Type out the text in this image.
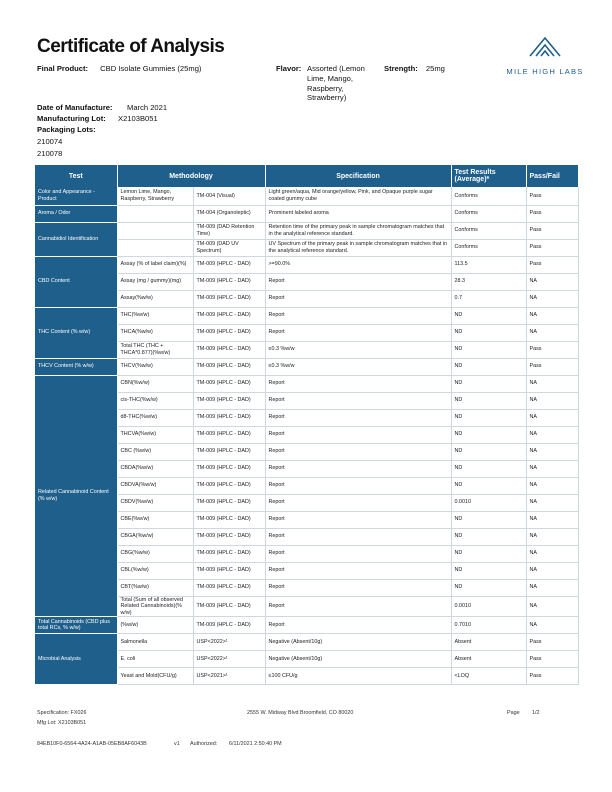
Certificate of Analysis
Final Product: CBD Isolate Gummies (25mg)	Flavor: Assorted (Lemon
Lime, Mango,
Raspberry,
Strawberry)
Strength: 25mg
Date of Manufacture: March 2021
Manufacturing Lot: X2103B051
Packaging Lots:
210074
210078
MILE HIGH LABS
Test	Methodology		Specification	Test Results (Average)*	Pass/Fail
Color and Appearance - Product	Lemon Lime, Mango, Raspberry, Strawberry	TM-004 (Visual)	Light green/aqua, Mid orange/yellow, Pink, and Opaque purple sugar coated gummy cube	Conforms	Pass
Aroma / Odor		TM-004 (Organoleptic)	Prominent labeled aroma	Conforms	Pass
Cannabidiol Identification		TM-009 (DAD Retention Time)	Retention time of the primary peak in sample chromatogram matches that in the analytical reference standard.	Conforms	Pass
		TM-009 (DAD UV Spectrum)	UV Spectrum of the primary peak in sample chromatogram matches that in the analytical reference standard.	Conforms	Pass
CBD Content	Assay (% of label claim)(%)	TM-009 (HPLC - DAD)	>=90.0%	113.5	Pass
	Assay (mg / gummy)(mg)	TM-009 (HPLC - DAD)	Report	28.3	NA
	Assay(%w/w)	TM-009 (HPLC - DAD)	Report	0.7	NA
THC Content (% w/w)	THC(%w/w)	TM-009 (HPLC - DAD)	Report	ND	NA
	THCA(%w/w)	TM-009 (HPLC - DAD)	Report	ND	NA
	Total THC (THC + THCA*0.877)(%w/w)	TM-009 (HPLC - DAD)	≤0.3 %w/w	ND	Pass
THCV Content (% w/w)	THCV(%w/w)	TM-009 (HPLC - DAD)	≤0.3 %w/w	ND	Pass
Related Cannabinoid Content (% w/w)	CBN(%w/w)	TM-009 (HPLC - DAD)	Report	ND	NA
	cis-THC(%w/w)	TM-009 (HPLC - DAD)	Report	ND	NA
	d8-THC(%w/w)	TM-009 (HPLC - DAD)	Report	ND	NA
	THCVA(%w/w)	TM-009 (HPLC - DAD)	Report	ND	NA
	CBC (%w/w)	TM-009 (HPLC - DAD)	Report	ND	NA
	CBDA(%w/w)	TM-009 (HPLC - DAD)	Report	ND	NA
	CBDVA(%w/w)	TM-009 (HPLC - DAD)	Report	ND	NA
	CBDV(%w/w)	TM-009 (HPLC - DAD)	Report	0.0010	NA
	CBE(%w/w)	TM-009 (HPLC - DAD)	Report	ND	NA
	CBGA(%w/w)	TM-009 (HPLC - DAD)	Report	ND	NA
	CBG(%w/w)	TM-009 (HPLC - DAD)	Report	ND	NA
	CBL(%w/w)	TM-009 (HPLC - DAD)	Report	ND	NA
	CBT(%w/w)	TM-009 (HPLC - DAD)	Report	ND	NA
	Total (Sum of all observed Related Cannabinoids)(% w/w)	TM-009 (HPLC - DAD)	Report	0.0010	NA
Total Cannabinoids (CBD plus total RCs, % w/w)	(%w/w)	TM-009 (HPLC - DAD)	Report	0.7010	NA
Microbial Analysis	Salmonella	USP<2022>¹	Negative (Absent/10g)	Absent	Pass
	E. coli	USP<2022>¹	Negative (Absent/10g)	Absent	Pass
	Yeast and Mold(CFU/g)	USP<2021>¹	≤100 CFU/g	<LOQ	Pass
Specification: FX026
Mfg Lot: X2103B051
2555 W. Midway Blvd Broomfield, CO 80020	Page 1/2
84EB10F0-6564-4A24-A1AB-05EB8AF6043B	v1 Authorized: 6/11/2021 2:50:40 PM
